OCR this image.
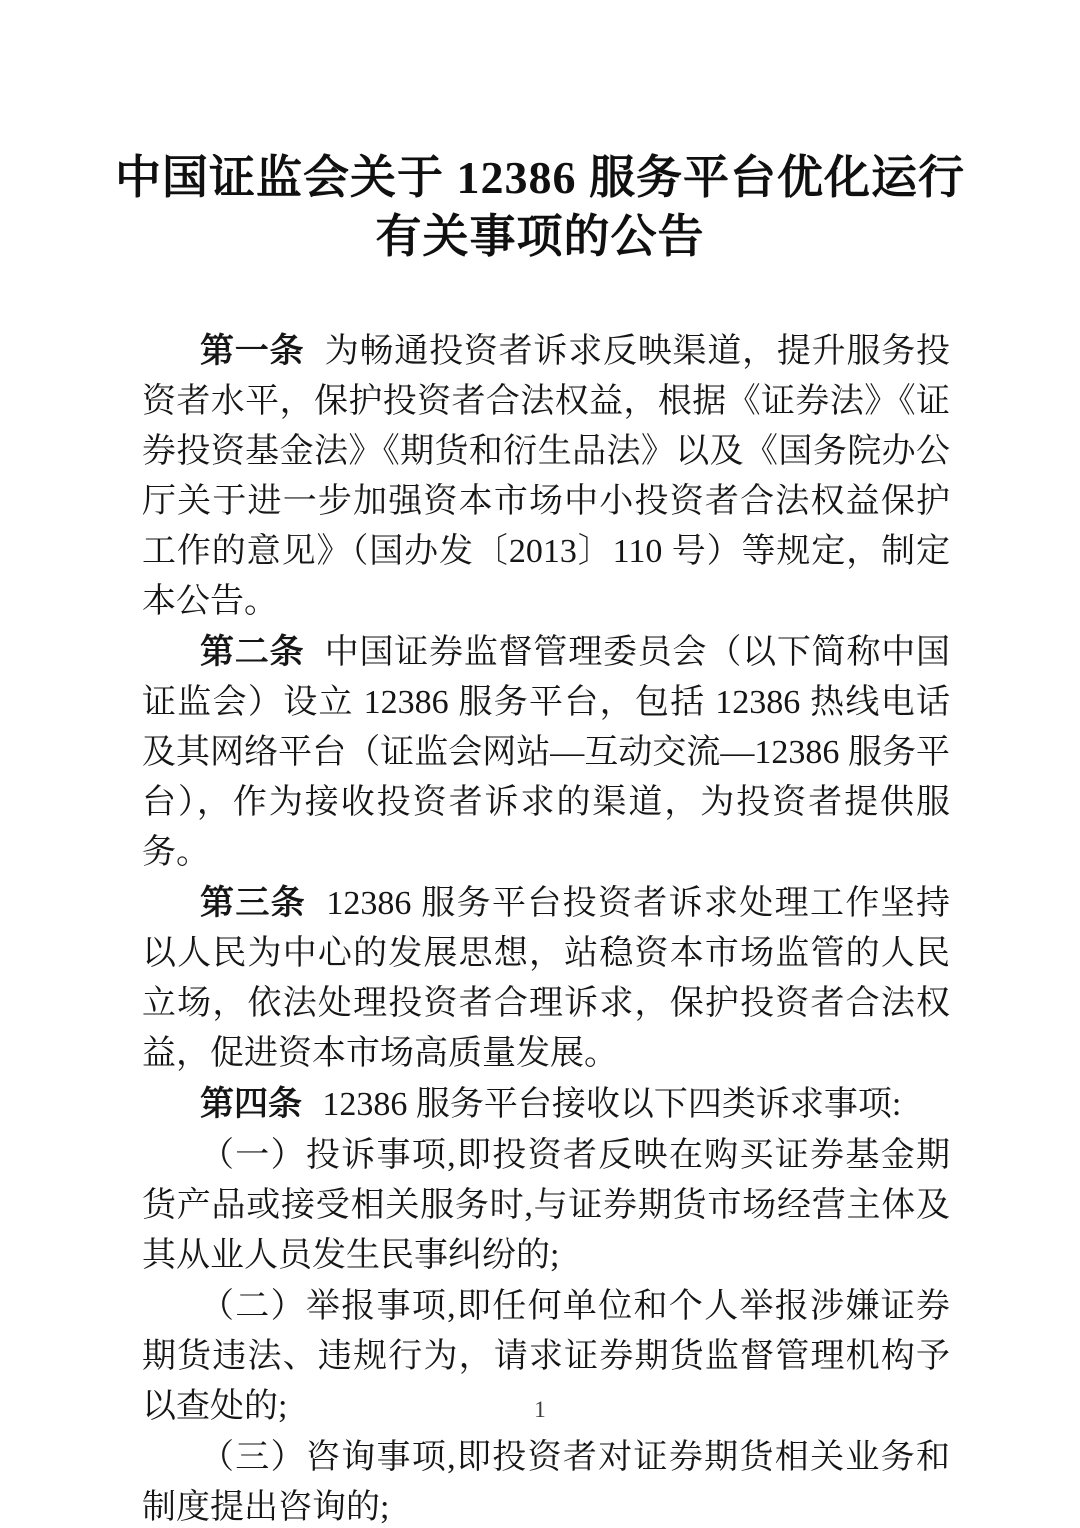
中国证监会关于 12386 服务平台优化运行
有关事项的公告

第一条 为畅通投资者诉求反映渠道，提升服务投资者水平，保护投资者合法权益，根据《证券法》《证券投资基金法》《期货和衍生品法》以及《国务院办公厅关于进一步加强资本市场中小投资者合法权益保护工作的意见》（国办发〔2013〕110 号）等规定，制定本公告。

第二条 中国证券监督管理委员会（以下简称中国证监会）设立 12386 服务平台，包括 12386 热线电话及其网络平台（证监会网站—互动交流—12386 服务平台），作为接收投资者诉求的渠道，为投资者提供服务。

第三条 12386 服务平台投资者诉求处理工作坚持以人民为中心的发展思想，站稳资本市场监管的人民立场，依法处理投资者合理诉求，保护投资者合法权益，促进资本市场高质量发展。

第四条 12386 服务平台接收以下四类诉求事项:

（一）投诉事项,即投资者反映在购买证券基金期货产品或接受相关服务时,与证券期货市场经营主体及其从业人员发生民事纠纷的;

（二）举报事项,即任何单位和个人举报涉嫌证券期货违法、违规行为，请求证券期货监督管理机构予以查处的;

（三）咨询事项,即投资者对证券期货相关业务和制度提出咨询的;

1
